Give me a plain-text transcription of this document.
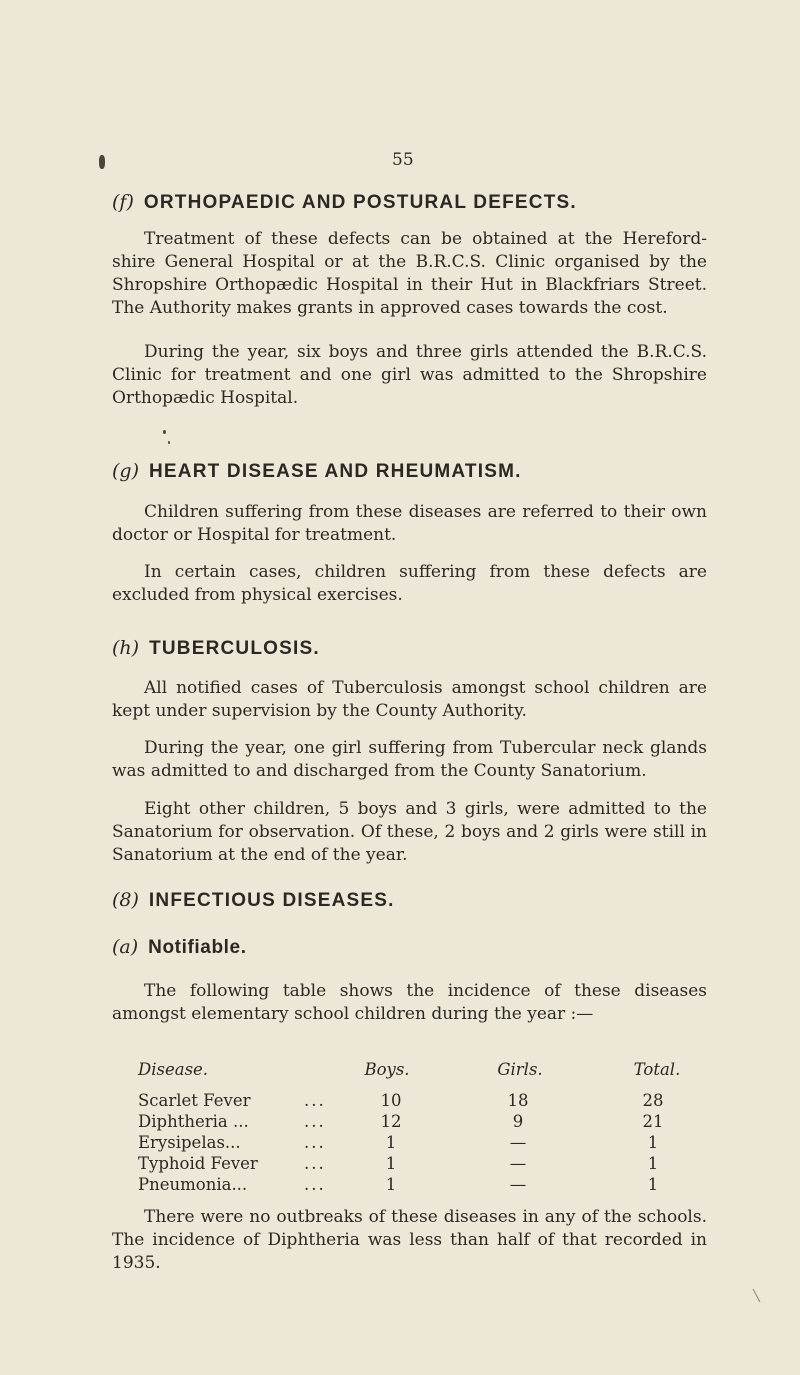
55
(f) ORTHOPAEDIC AND POSTURAL DEFECTS.

Treatment of these defects can be obtained at the Hereford- shire General Hospital or at the B.R.C.S. Clinic organised by the Shropshire Orthopædic Hospital in their Hut in Blackfriars Street. The Authority makes grants in approved cases towards the cost.

During the year, six boys and three girls attended the B.R.C.S. Clinic for treatment and one girl was admitted to the Shropshire Orthopædic Hospital.

(g) HEART DISEASE AND RHEUMATISM.

Children suffering from these diseases are referred to their own doctor or Hospital for treatment.

In certain cases, children suffering from these defects are excluded from physical exercises.

(h) TUBERCULOSIS.

All notified cases of Tuberculosis amongst school children are kept under supervision by the County Authority.

During the year, one girl suffering from Tubercular neck glands was admitted to and discharged from the County Sanatorium.

Eight other children, 5 boys and 3 girls, were admitted to the Sanatorium for observation. Of these, 2 boys and 2 girls were still in Sanatorium at the end of the year.

(8) INFECTIOUS DISEASES.
(a) Notifiable.

The following table shows the incidence of these diseases amongst elementary school children during the year :—

Disease.	Boys.	Girls.	Total.
Scarlet Fever	...	10	18	28
Diphtheria ...	...	12	9	21
Erysipelas...	...	1	—	1
Typhoid Fever	...	1	—	1
Pneumonia...	...	1	—	1

There were no outbreaks of these diseases in any of the schools. The incidence of Diphtheria was less than half of that recorded in 1935.
